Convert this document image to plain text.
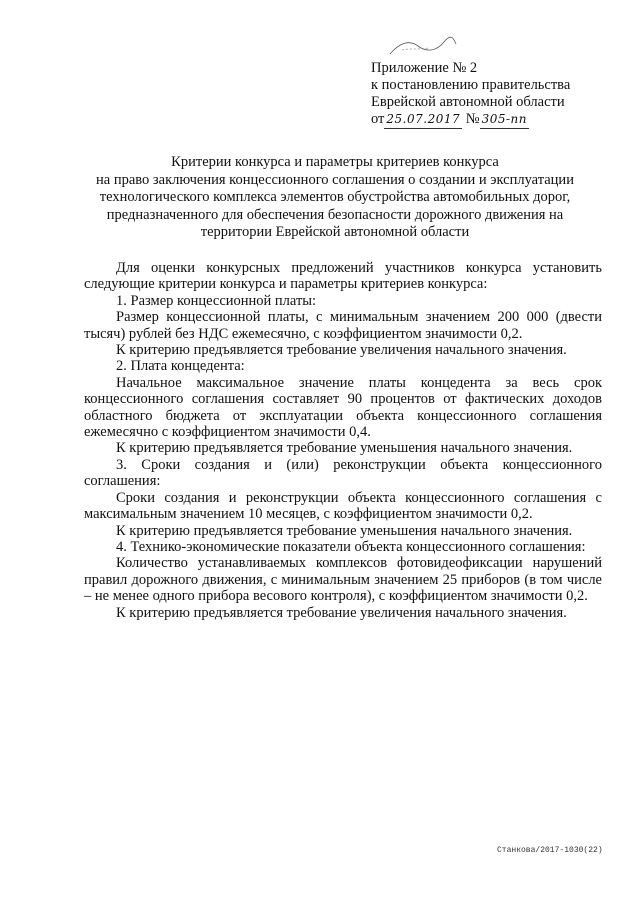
Приложение № 2
к постановлению правительства
Еврейской автономной области
от 25.07.2017 № 305-пп
Критерии конкурса и параметры критериев конкурса
на право заключения концессионного соглашения о создании и эксплуатации
технологического комплекса элементов обустройства автомобильных дорог,
предназначенного для обеспечения безопасности дорожного движения на
территории Еврейской автономной области

Для оценки конкурсных предложений участников конкурса установить следующие критерии конкурса и параметры критериев конкурса:

1. Размер концессионной платы:

Размер концессионной платы, с минимальным значением 200 000 (двести тысяч) рублей без НДС ежемесячно, с коэффициентом значимости 0,2.

К критерию предъявляется требование увеличения начального значения.

2. Плата концедента:

Начальное максимальное значение платы концедента за весь срок концессионного соглашения составляет 90 процентов от фактических доходов областного бюджета от эксплуатации объекта концессионного соглашения ежемесячно с коэффициентом значимости 0,4.

К критерию предъявляется требование уменьшения начального значения.

3. Сроки создания и (или) реконструкции объекта концессионного соглашения:

Сроки создания и реконструкции объекта концессионного соглашения с максимальным значением 10 месяцев, с коэффициентом значимости 0,2.

К критерию предъявляется требование уменьшения начального значения.

4. Технико-экономические показатели объекта концессионного соглашения:

Количество устанавливаемых комплексов фотовидеофиксации нарушений правил дорожного движения, с минимальным значением 25 приборов (в том числе – не менее одного прибора весового контроля), с коэффициентом значимости 0,2.

К критерию предъявляется требование увеличения начального значения.

Станкова/2017-1030(22)
